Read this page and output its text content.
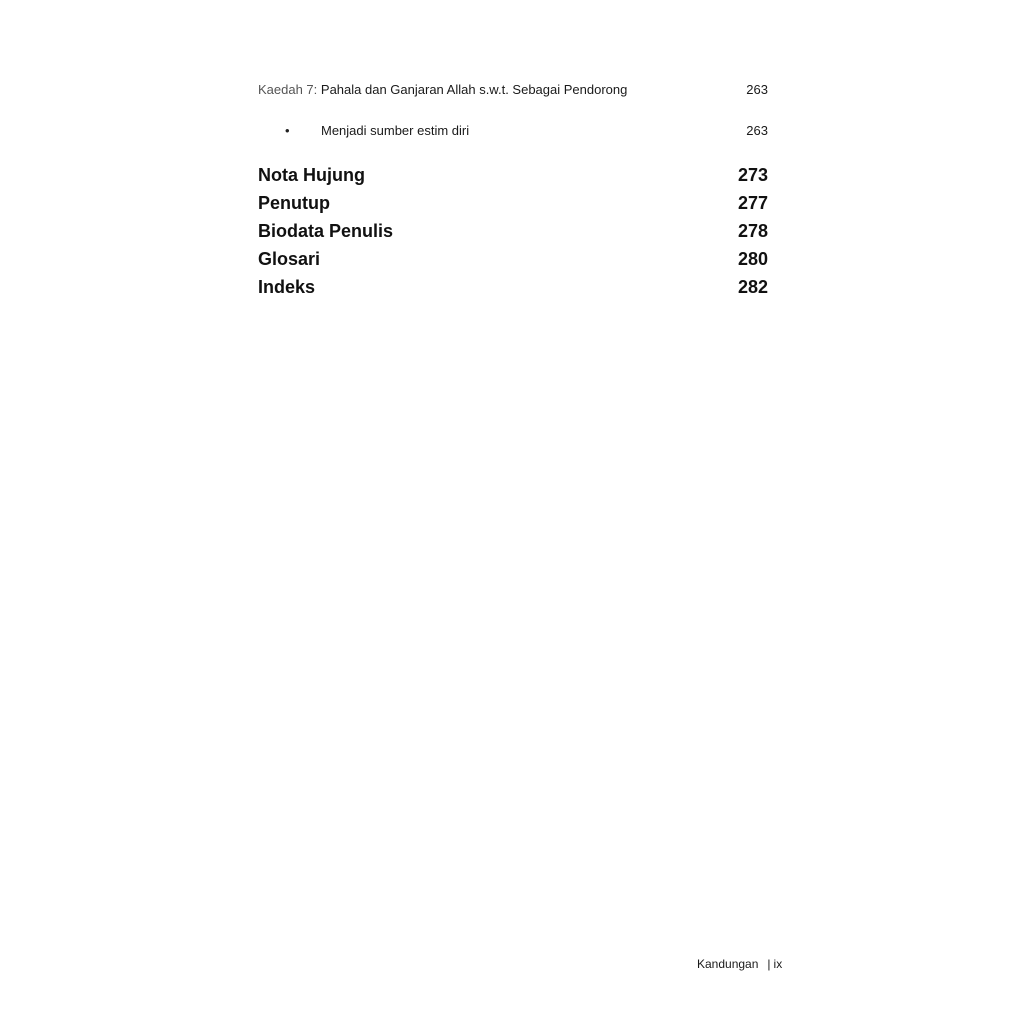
Kaedah 7: Pahala dan Ganjaran Allah s.w.t. Sebagai Pendorong	263
•	Menjadi sumber estim diri	263
Nota Hujung	273
Penutup	277
Biodata Penulis	278
Glosari	280
Indeks	282
Kandungan | ix
